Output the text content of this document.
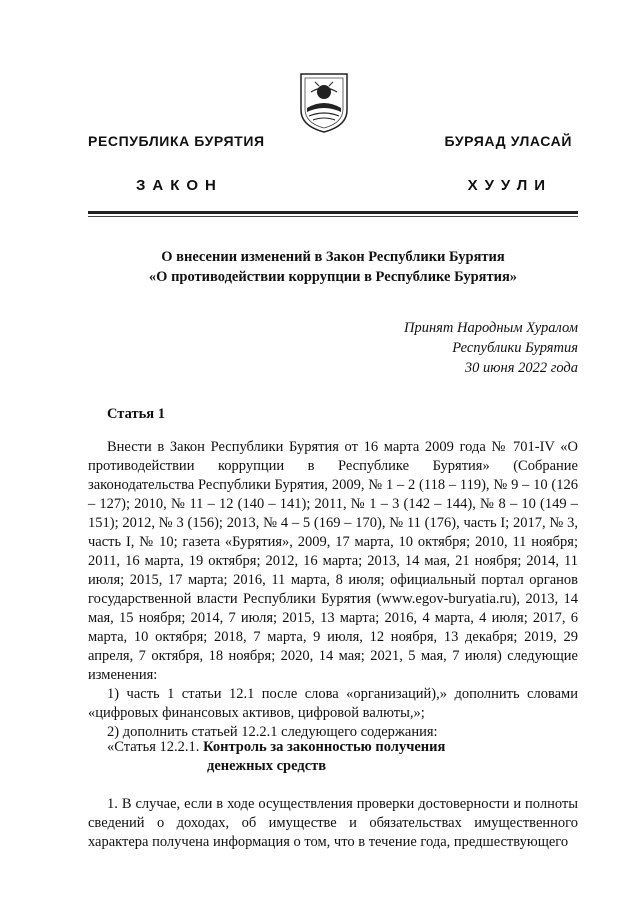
РЕСПУБЛИКА БУРЯТИЯ	БУРЯАД УЛАСАЙ
ЗАКОН	ХУУЛИ
О внесении изменений в Закон Республики Бурятия
«О противодействии коррупции в Республике Бурятия»
Принят Народным Хуралом
Республики Бурятия
30 июня 2022 года
Статья 1

Внести в Закон Республики Бурятия от 16 марта 2009 года № 701-IV «О противодействии коррупции в Республике Бурятия» (Собрание законодательства Республики Бурятия, 2009, № 1 – 2 (118 – 119), № 9 – 10 (126 – 127); 2010, № 11 – 12 (140 – 141); 2011, № 1 – 3 (142 – 144), № 8 – 10 (149 – 151); 2012, № 3 (156); 2013, № 4 – 5 (169 – 170), № 11 (176), часть I; 2017, № 3, часть I, № 10; газета «Бурятия», 2009, 17 марта, 10 октября; 2010, 11 ноября; 2011, 16 марта, 19 октября; 2012, 16 марта; 2013, 14 мая, 21 ноября; 2014, 11 июля; 2015, 17 марта; 2016, 11 марта, 8 июля; официальный портал органов государственной власти Республики Бурятия (www.egov-buryatia.ru), 2013, 14 мая, 15 ноября; 2014, 7 июля; 2015, 13 марта; 2016, 4 марта, 4 июля; 2017, 6 марта, 10 октября; 2018, 7 марта, 9 июля, 12 ноября, 13 декабря; 2019, 29 апреля, 7 октября, 18 ноября; 2020, 14 мая; 2021, 5 мая, 7 июля) следующие изменения:

1) часть 1 статьи 12.1 после слова «организаций),» дополнить словами «цифровых финансовых активов, цифровой валюты,»;

2) дополнить статьей 12.2.1 следующего содержания:

«Статья 12.2.1. Контроль за законностью получения
денежных средств

1. В случае, если в ходе осуществления проверки достоверности и полноты сведений о доходах, об имуществе и обязательствах имущественного характера получена информация о том, что в течение года, предшествующего
